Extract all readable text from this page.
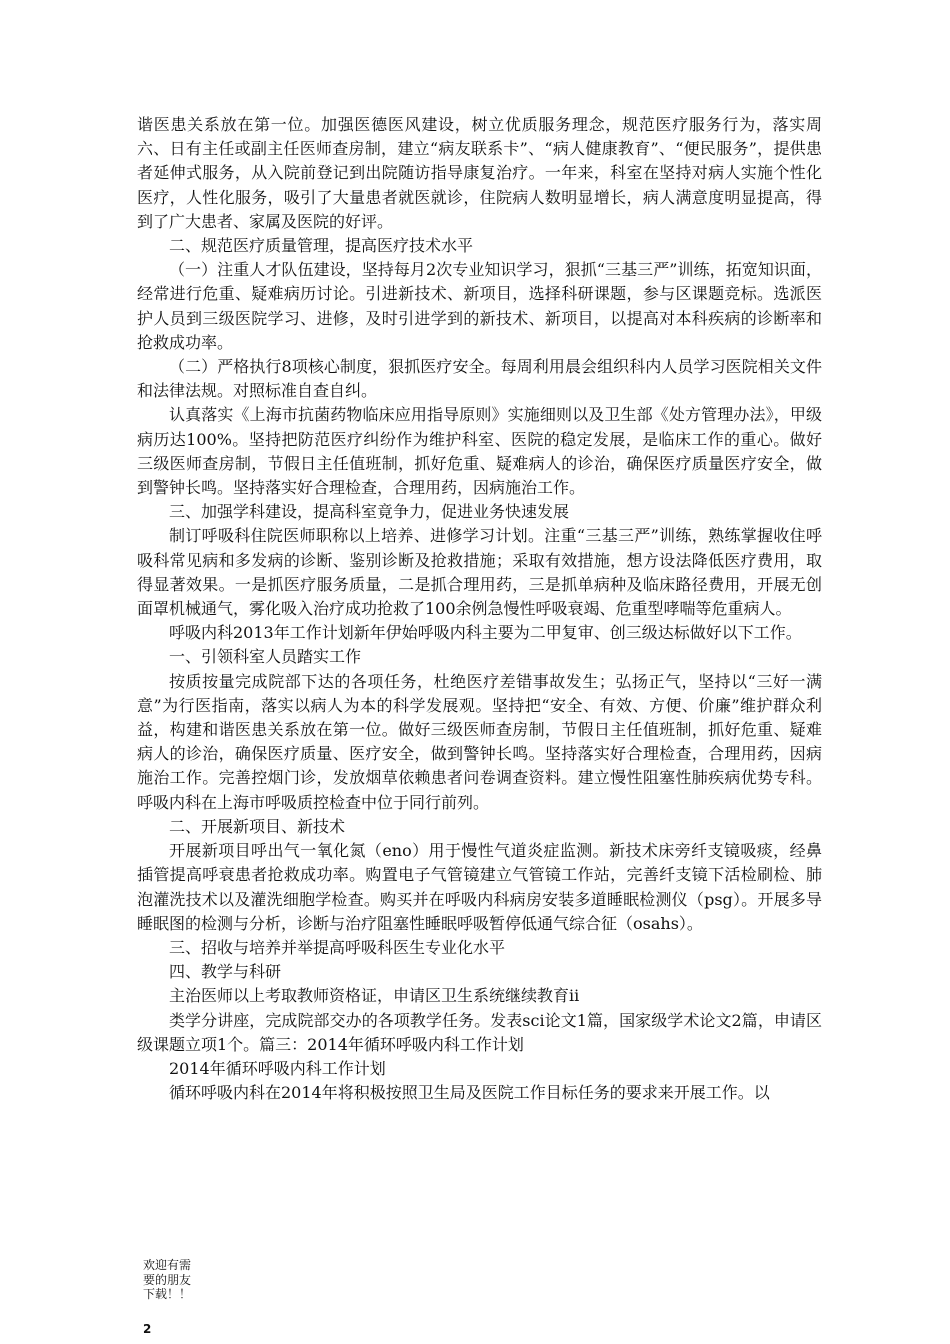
谐医患关系放在第一位。加强医德医风建设，树立优质服务理念，规范医疗服务行为，落实周六、日有主任或副主任医师查房制，建立“病友联系卡”、“病人健康教育”、“便民服务”，提供患者延伸式服务，从入院前登记到出院随访指导康复治疗。一年来，科室在坚持对病人实施个性化医疗，人性化服务，吸引了大量患者就医就诊，住院病人数明显增长，病人满意度明显提高，得到了广大患者、家属及医院的好评。

二、规范医疗质量管理，提高医疗技术水平

（一）注重人才队伍建设，坚持每月2次专业知识学习，狠抓“三基三严”训练，拓宽知识面，经常进行危重、疑难病历讨论。引进新技术、新项目，选择科研课题，参与区课题竞标。选派医护人员到三级医院学习、进修，及时引进学到的新技术、新项目，以提高对本科疾病的诊断率和抢救成功率。

（二）严格执行8项核心制度，狠抓医疗安全。每周利用晨会组织科内人员学习医院相关文件和法律法规。对照标准自查自纠。

认真落实《上海市抗菌药物临床应用指导原则》实施细则以及卫生部《处方管理办法》，甲级病历达100%。坚持把防范医疗纠纷作为维护科室、医院的稳定发展，是临床工作的重心。做好三级医师查房制，节假日主任值班制，抓好危重、疑难病人的诊治，确保医疗质量医疗安全，做到警钟长鸣。坚持落实好合理检查，合理用药，因病施治工作。

三、加强学科建设，提高科室竟争力，促进业务快速发展

制订呼吸科住院医师职称以上培养、进修学习计划。注重“三基三严”训练，熟练掌握收住呼吸科常见病和多发病的诊断、鉴别诊断及抢救措施；采取有效措施，想方设法降低医疗费用，取得显著效果。一是抓医疗服务质量，二是抓合理用药，三是抓单病种及临床路径费用，开展无创面罩机械通气，雾化吸入治疗成功抢救了100余例急慢性呼吸衰竭、危重型哮喘等危重病人。

呼吸内科2013年工作计划新年伊始呼吸内科主要为二甲复审、创三级达标做好以下工作。

一、引领科室人员踏实工作

按质按量完成院部下达的各项任务，杜绝医疗差错事故发生；弘扬正气，坚持以“三好一满意”为行医指南，落实以病人为本的科学发展观。坚持把“安全、有效、方便、价廉”维护群众利益，构建和谐医患关系放在第一位。做好三级医师查房制，节假日主任值班制，抓好危重、疑难病人的诊治，确保医疗质量、医疗安全，做到警钟长鸣。坚持落实好合理检查，合理用药，因病施治工作。完善控烟门诊，发放烟草依赖患者问卷调查资料。建立慢性阻塞性肺疾病优势专科。呼吸内科在上海市呼吸质控检查中位于同行前列。

二、开展新项目、新技术

开展新项目呼出气一氧化氮（eno）用于慢性气道炎症监测。新技术床旁纤支镜吸痰，经鼻插管提高呼衰患者抢救成功率。购置电子气管镜建立气管镜工作站，完善纤支镜下活检刷检、肺泡灌洗技术以及灌洗细胞学检查。购买并在呼吸内科病房安装多道睡眠检测仪（psg）。开展多导睡眠图的检测与分析，诊断与治疗阻塞性睡眠呼吸暂停低通气综合征（osahs）。

三、招收与培养并举提高呼吸科医生专业化水平

四、教学与科研

主治医师以上考取教师资格证，申请区卫生系统继续教育ii

类学分讲座，完成院部交办的各项教学任务。发表sci论文1篇，国家级学术论文2篇，申请区级课题立项1个。篇三：2014年循环呼吸内科工作计划

2014年循环呼吸内科工作计划

循环呼吸内科在2014年将积极按照卫生局及医院工作目标任务的要求来开展工作。以

欢迎有需要的朋友下载！！
2
